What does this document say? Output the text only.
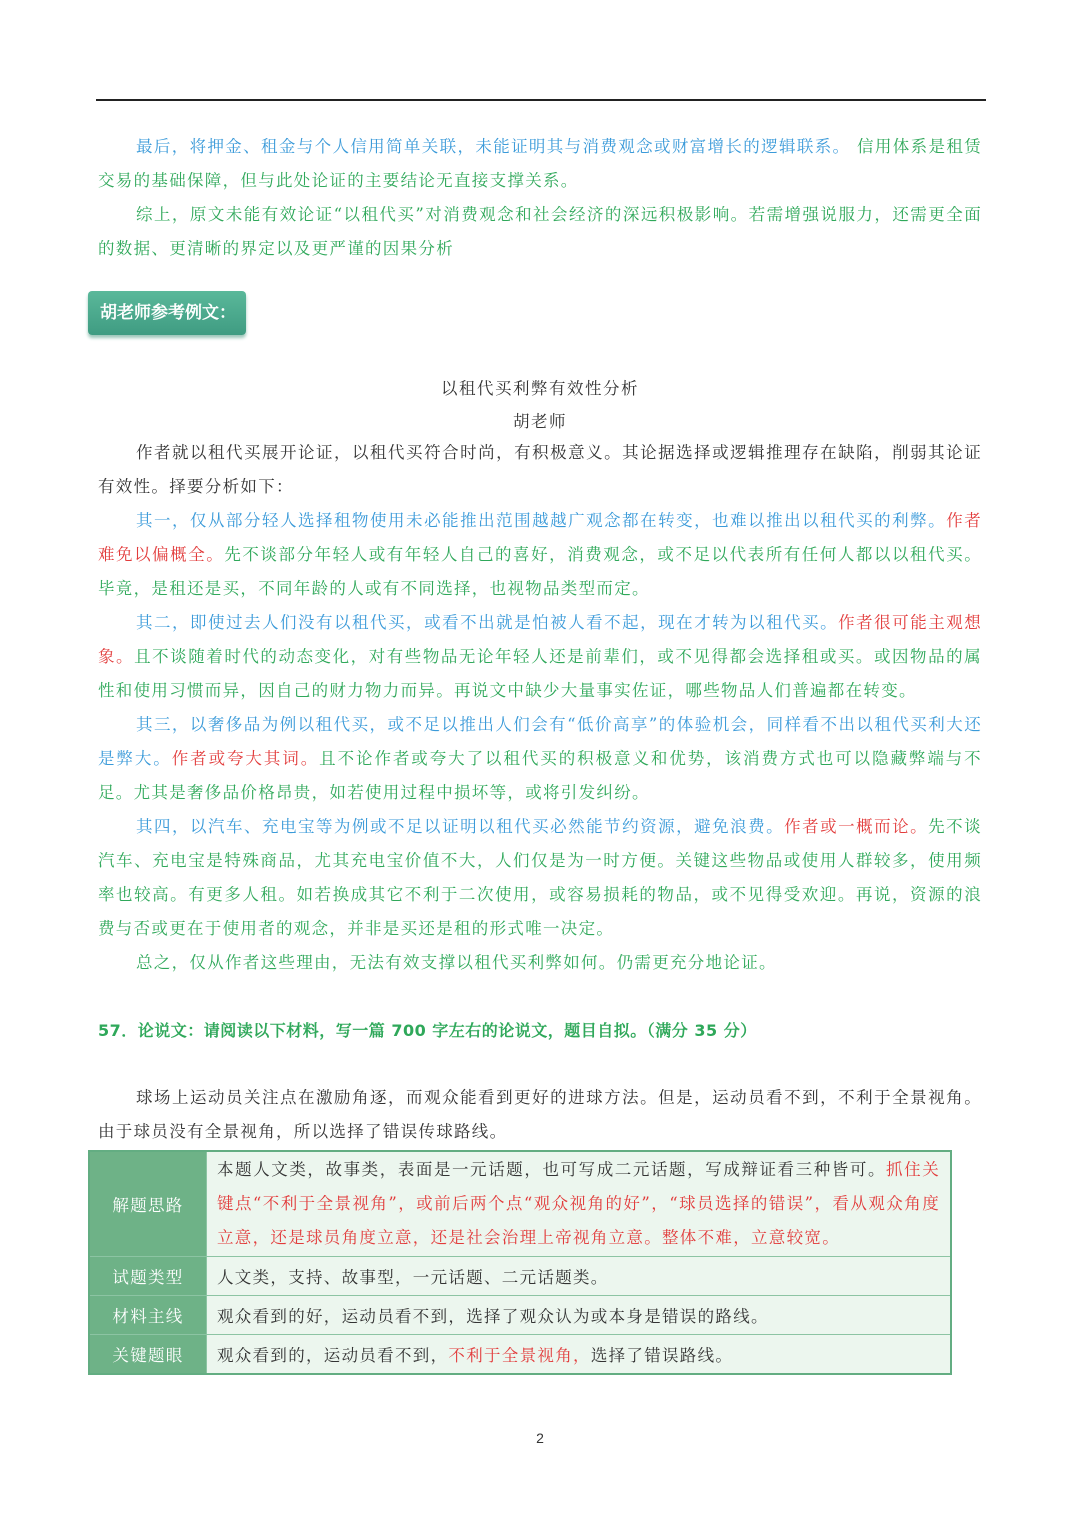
最后，将押金、租金与个人信用简单关联，未能证明其与消费观念或财富增长的逻辑联系。 信用体系是租赁交易的基础保障，但与此处论证的主要结论无直接支撑关系。

综上，原文未能有效论证“以租代买”对消费观念和社会经济的深远积极影响。若需增强说服力，还需更全面的数据、更清晰的界定以及更严谨的因果分析

胡老师参考例文：

以租代买利弊有效性分析

胡老师

作者就以租代买展开论证，以租代买符合时尚，有积极意义。其论据选择或逻辑推理存在缺陷，削弱其论证有效性。择要分析如下：

其一，仅从部分轻人选择租物使用未必能推出范围越越广观念都在转变，也难以推出以租代买的利弊。作者难免以偏概全。先不谈部分年轻人或有年轻人自己的喜好，消费观念，或不足以代表所有任何人都以以租代买。毕竟，是租还是买，不同年龄的人或有不同选择，也视物品类型而定。

其二，即使过去人们没有以租代买，或看不出就是怕被人看不起，现在才转为以租代买。作者很可能主观想象。且不谈随着时代的动态变化，对有些物品无论年轻人还是前辈们，或不见得都会选择租或买。或因物品的属性和使用习惯而异，因自己的财力物力而异。再说文中缺少大量事实佐证，哪些物品人们普遍都在转变。

其三，以奢侈品为例以租代买，或不足以推出人们会有“低价高享”的体验机会，同样看不出以租代买利大还是弊大。作者或夸大其词。且不论作者或夸大了以租代买的积极意义和优势，该消费方式也可以隐藏弊端与不足。尤其是奢侈品价格昂贵，如若使用过程中损坏等，或将引发纠纷。

其四，以汽车、充电宝等为例或不足以证明以租代买必然能节约资源，避免浪费。作者或一概而论。先不谈汽车、充电宝是特殊商品，尤其充电宝价值不大，人们仅是为一时方便。关键这些物品或使用人群较多，使用频率也较高。有更多人租。如若换成其它不利于二次使用，或容易损耗的物品，或不见得受欢迎。再说，资源的浪费与否或更在于使用者的观念，并非是买还是租的形式唯一决定。

总之，仅从作者这些理由，无法有效支撑以租代买利弊如何。仍需更充分地论证。

57．论说文：请阅读以下材料，写一篇 700 字左右的论说文，题目自拟。（满分 35 分）

球场上运动员关注点在激励角逐，而观众能看到更好的进球方法。但是，运动员看不到，不利于全景视角。由于球员没有全景视角，所以选择了错误传球路线。

解题思路	本题人文类，故事类，表面是一元话题，也可写成二元话题，写成辩证看三种皆可。抓住关键点“不利于全景视角”，或前后两个点“观众视角的好”，“球员选择的错误”，看从观众角度立意，还是球员角度立意，还是社会治理上帝视角立意。整体不难，立意较宽。
试题类型	人文类，支持、故事型，一元话题、二元话题类。
材料主线	观众看到的好，运动员看不到，选择了观众认为或本身是错误的路线。
关键题眼	观众看到的，运动员看不到，不利于全景视角，选择了错误路线。
2
